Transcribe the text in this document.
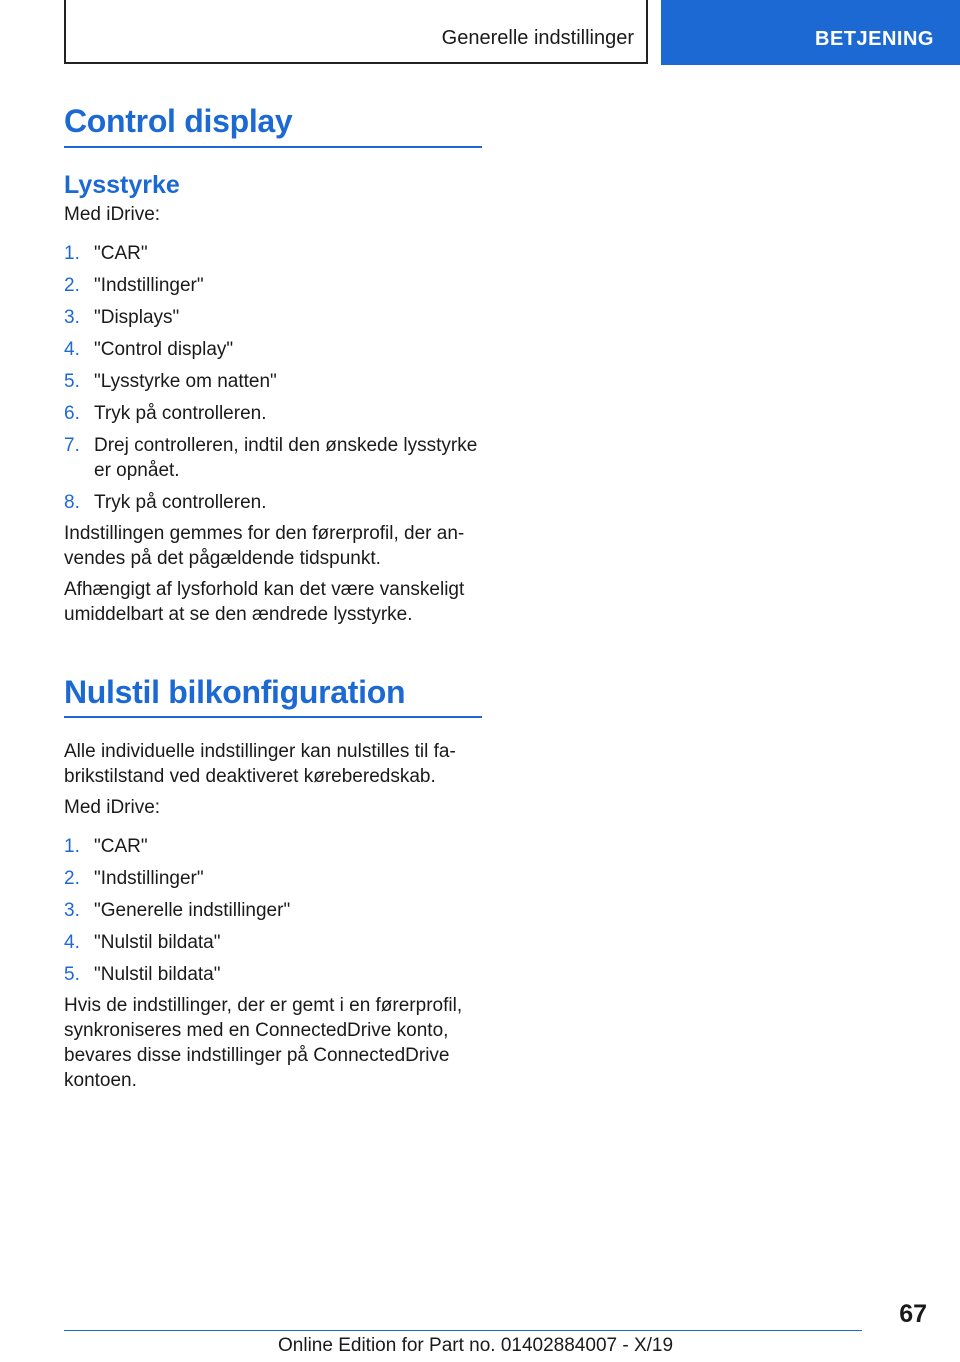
Generelle indstillinger	BETJENING
Control display
Lysstyrke

Med iDrive:

1. "CAR"
2. "Indstillinger"
3. "Displays"
4. "Control display"
5. "Lysstyrke om natten"
6. Tryk på controlleren.
7. Drej controlleren, indtil den ønskede lysstyrke er opnået.
8. Tryk på controlleren.

Indstillingen gemmes for den førerprofil, der anvendes på det pågældende tidspunkt.

Afhængigt af lysforhold kan det være vanskeligt umiddelbart at se den ændrede lysstyrke.

Nulstil bilkonfiguration

Alle individuelle indstillinger kan nulstilles til fabrikstilstand ved deaktiveret køreberedskab.

Med iDrive:

1. "CAR"
2. "Indstillinger"
3. "Generelle indstillinger"
4. "Nulstil bildata"
5. "Nulstil bildata"

Hvis de indstillinger, der er gemt i en førerprofil, synkroniseres med en ConnectedDrive konto, bevares disse indstillinger på ConnectedDrive kontoen.

67
Online Edition for Part no. 01402884007 - X/19
